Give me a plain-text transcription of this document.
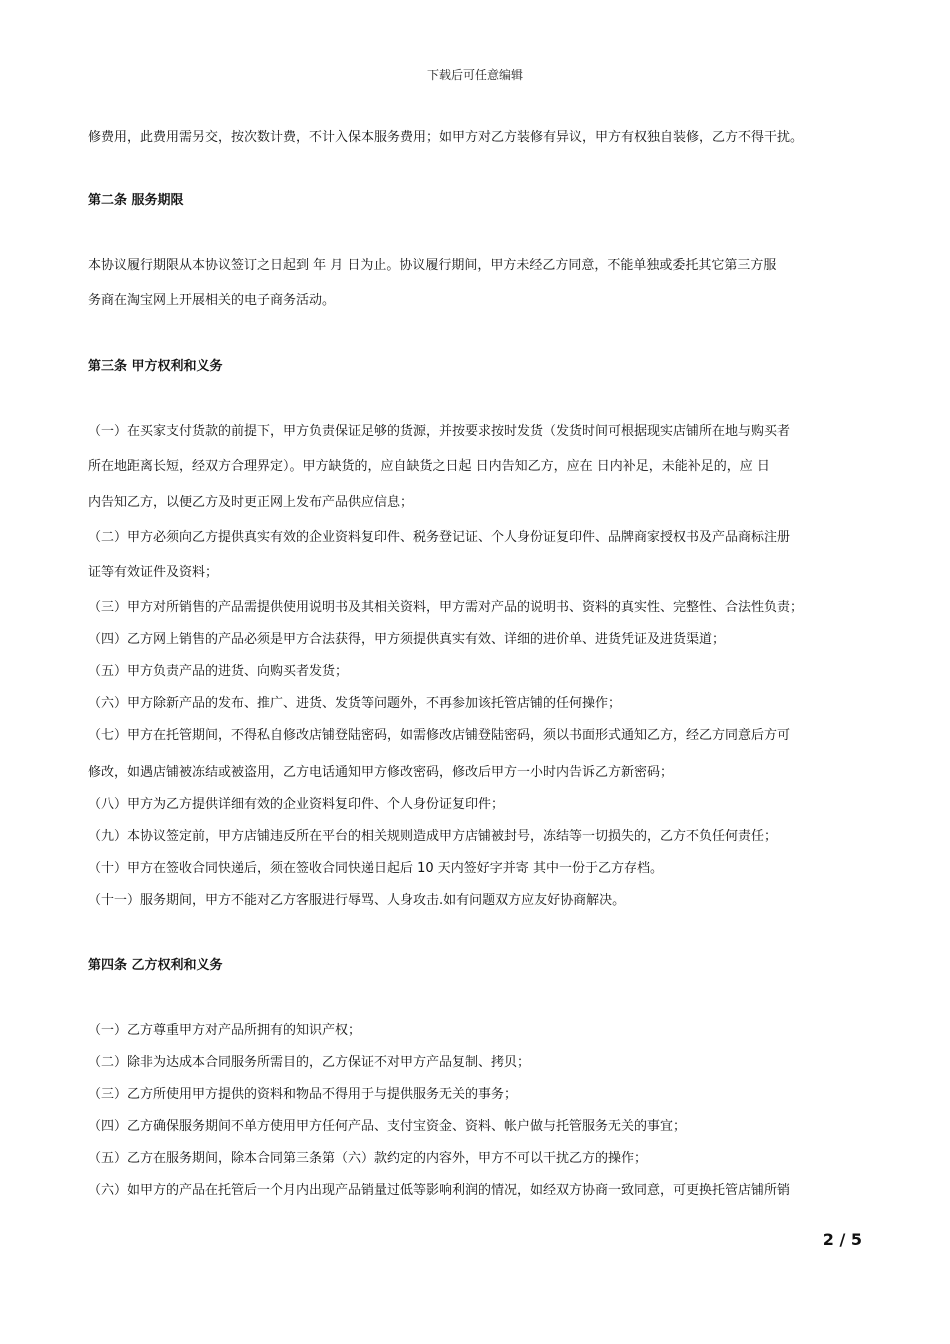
下载后可任意编辑
修费用，此费用需另交，按次数计费，不计入保本服务费用；如甲方对乙方装修有异议，甲方有权独自装修，乙方不得干扰。
第二条 服务期限
本协议履行期限从本协议签订之日起到 年 月 日为止。协议履行期间，甲方未经乙方同意，不能单独或委托其它第三方服
务商在淘宝网上开展相关的电子商务活动。
第三条 甲方权利和义务
（一）在买家支付货款的前提下，甲方负责保证足够的货源，并按要求按时发货（发货时间可根据现实店铺所在地与购买者
所在地距离长短，经双方合理界定）。甲方缺货的，应自缺货之日起 日内告知乙方，应在 日内补足，未能补足的，应 日
内告知乙方，以便乙方及时更正网上发布产品供应信息；
（二）甲方必须向乙方提供真实有效的企业资料复印件、税务登记证、个人身份证复印件、品牌商家授权书及产品商标注册
证等有效证件及资料；
（三）甲方对所销售的产品需提供使用说明书及其相关资料，甲方需对产品的说明书、资料的真实性、完整性、合法性负责；
（四）乙方网上销售的产品必须是甲方合法获得，甲方须提供真实有效、详细的进价单、进货凭证及进货渠道；
（五）甲方负责产品的进货、向购买者发货；
（六）甲方除新产品的发布、推广、进货、发货等问题外，不再参加该托管店铺的任何操作；
（七）甲方在托管期间，不得私自修改店铺登陆密码，如需修改店铺登陆密码，须以书面形式通知乙方，经乙方同意后方可
修改，如遇店铺被冻结或被盗用，乙方电话通知甲方修改密码，修改后甲方一小时内告诉乙方新密码；
（八）甲方为乙方提供详细有效的企业资料复印件、个人身份证复印件；
（九）本协议签定前，甲方店铺违反所在平台的相关规则造成甲方店铺被封号，冻结等一切损失的，乙方不负任何责任；
（十）甲方在签收合同快递后，须在签收合同快递日起后 10 天内签好字并寄 其中一份于乙方存档。
（十一）服务期间，甲方不能对乙方客服进行辱骂、人身攻击.如有问题双方应友好协商解决。
第四条 乙方权利和义务
（一）乙方尊重甲方对产品所拥有的知识产权；
（二）除非为达成本合同服务所需目的，乙方保证不对甲方产品复制、拷贝；
（三）乙方所使用甲方提供的资料和物品不得用于与提供服务无关的事务；
（四）乙方确保服务期间不单方使用甲方任何产品、支付宝资金、资料、帐户做与托管服务无关的事宜；
（五）乙方在服务期间，除本合同第三条第（六）款约定的内容外，甲方不可以干扰乙方的操作；
（六）如甲方的产品在托管后一个月内出现产品销量过低等影响利润的情况，如经双方协商一致同意，可更换托管店铺所销
2 / 5
